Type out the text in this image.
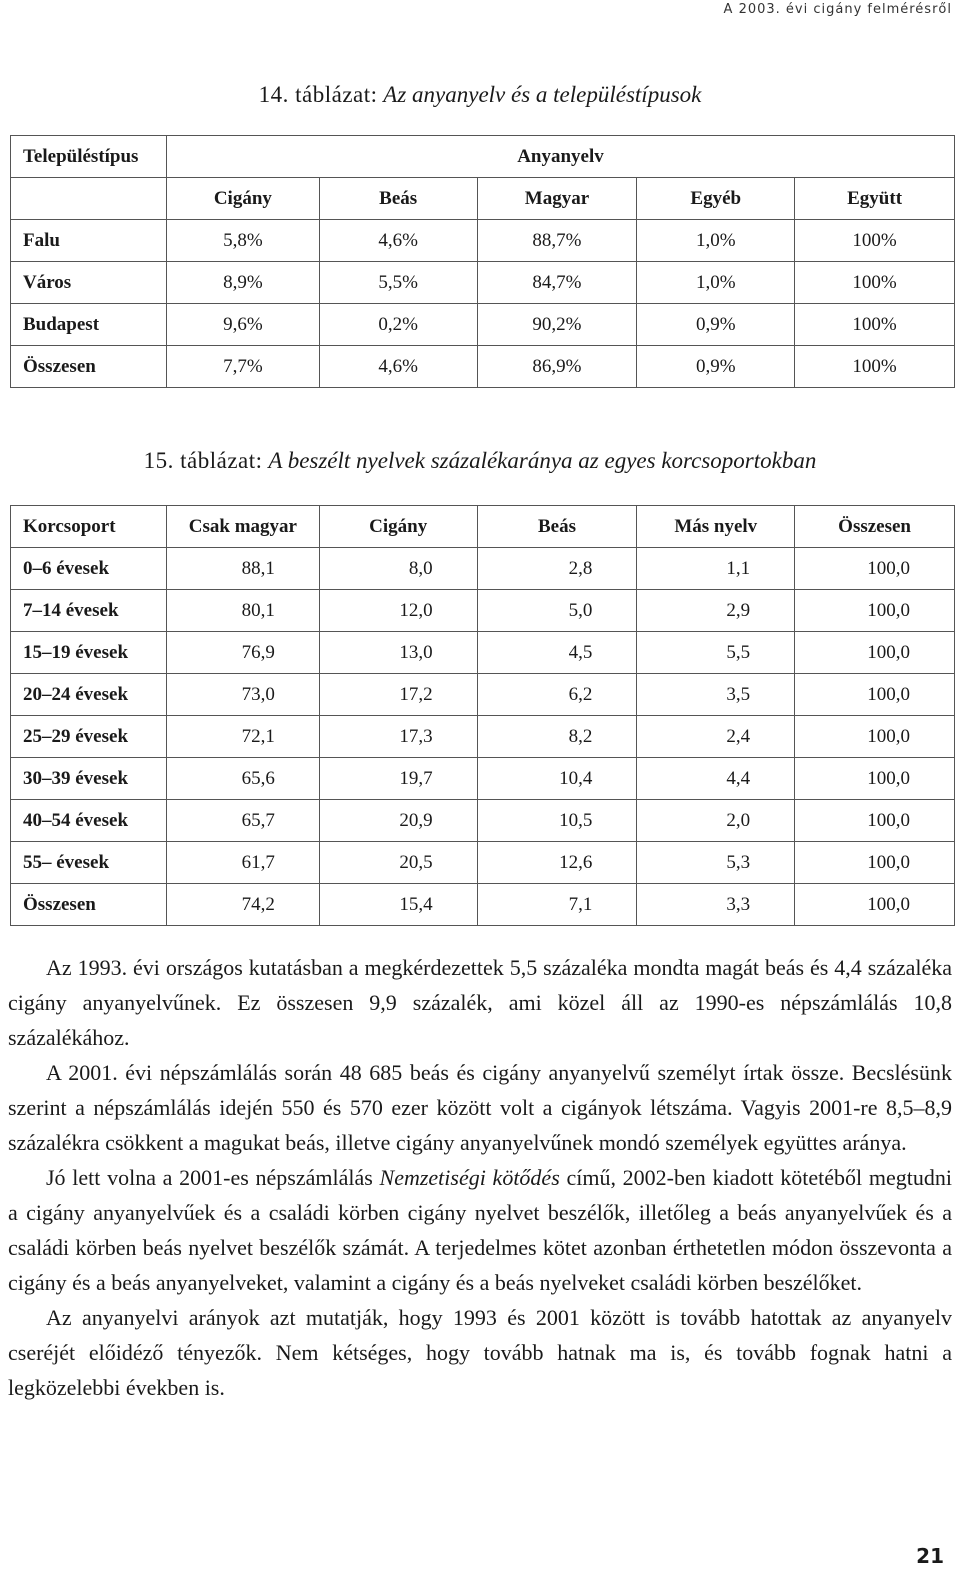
A 2003. évi cigány felmérésről
14. táblázat: Az anyanyelv és a településtípusok
Településtípus	Anyanyelv				
	Cigány	Beás	Magyar	Egyéb	Együtt
Falu	5,8%	4,6%	88,7%	1,0%	100%
Város	8,9%	5,5%	84,7%	1,0%	100%
Budapest	9,6%	0,2%	90,2%	0,9%	100%
Összesen	7,7%	4,6%	86,9%	0,9%	100%
15. táblázat: A beszélt nyelvek százalékaránya az egyes korcsoportokban
Korcsoport	Csak magyar	Cigány	Beás	Más nyelv	Összesen
0–6 évesek	88,1	8,0	2,8	1,1	100,0
7–14 évesek	80,1	12,0	5,0	2,9	100,0
15–19 évesek	76,9	13,0	4,5	5,5	100,0
20–24 évesek	73,0	17,2	6,2	3,5	100,0
25–29 évesek	72,1	17,3	8,2	2,4	100,0
30–39 évesek	65,6	19,7	10,4	4,4	100,0
40–54 évesek	65,7	20,9	10,5	2,0	100,0
55– évesek	61,7	20,5	12,6	5,3	100,0
Összesen	74,2	15,4	7,1	3,3	100,0

Az 1993. évi országos kutatásban a megkérdezettek 5,5 százaléka mondta magát beás és 4,4 százaléka cigány anyanyelvűnek. Ez összesen 9,9 százalék, ami közel áll az 1990-es népszámlálás 10,8 százalékához.

A 2001. évi népszámlálás során 48 685 beás és cigány anyanyelvű személyt írtak össze. Becslésünk szerint a népszámlálás idején 550 és 570 ezer között volt a cigányok létszáma. Vagyis 2001-re 8,5–8,9 százalékra csökkent a magukat beás, illetve cigány anyanyelvűnek mondó személyek együttes aránya.

Jó lett volna a 2001-es népszámlálás Nemzetiségi kötődés című, 2002-ben kiadott kötetéből megtudni a cigány anyanyelvűek és a családi körben cigány nyelvet beszélők, illetőleg a beás anyanyelvűek és a családi körben beás nyelvet beszélők számát. A terjedelmes kötet azonban érthetetlen módon összevonta a cigány és a beás anyanyelveket, valamint a cigány és a beás nyelveket családi körben beszélőket.

Az anyanyelvi arányok azt mutatják, hogy 1993 és 2001 között is tovább hatottak az anyanyelv cseréjét előidéző tényezők. Nem kétséges, hogy tovább hatnak ma is, és tovább fognak hatni a legközelebbi években is.

21
